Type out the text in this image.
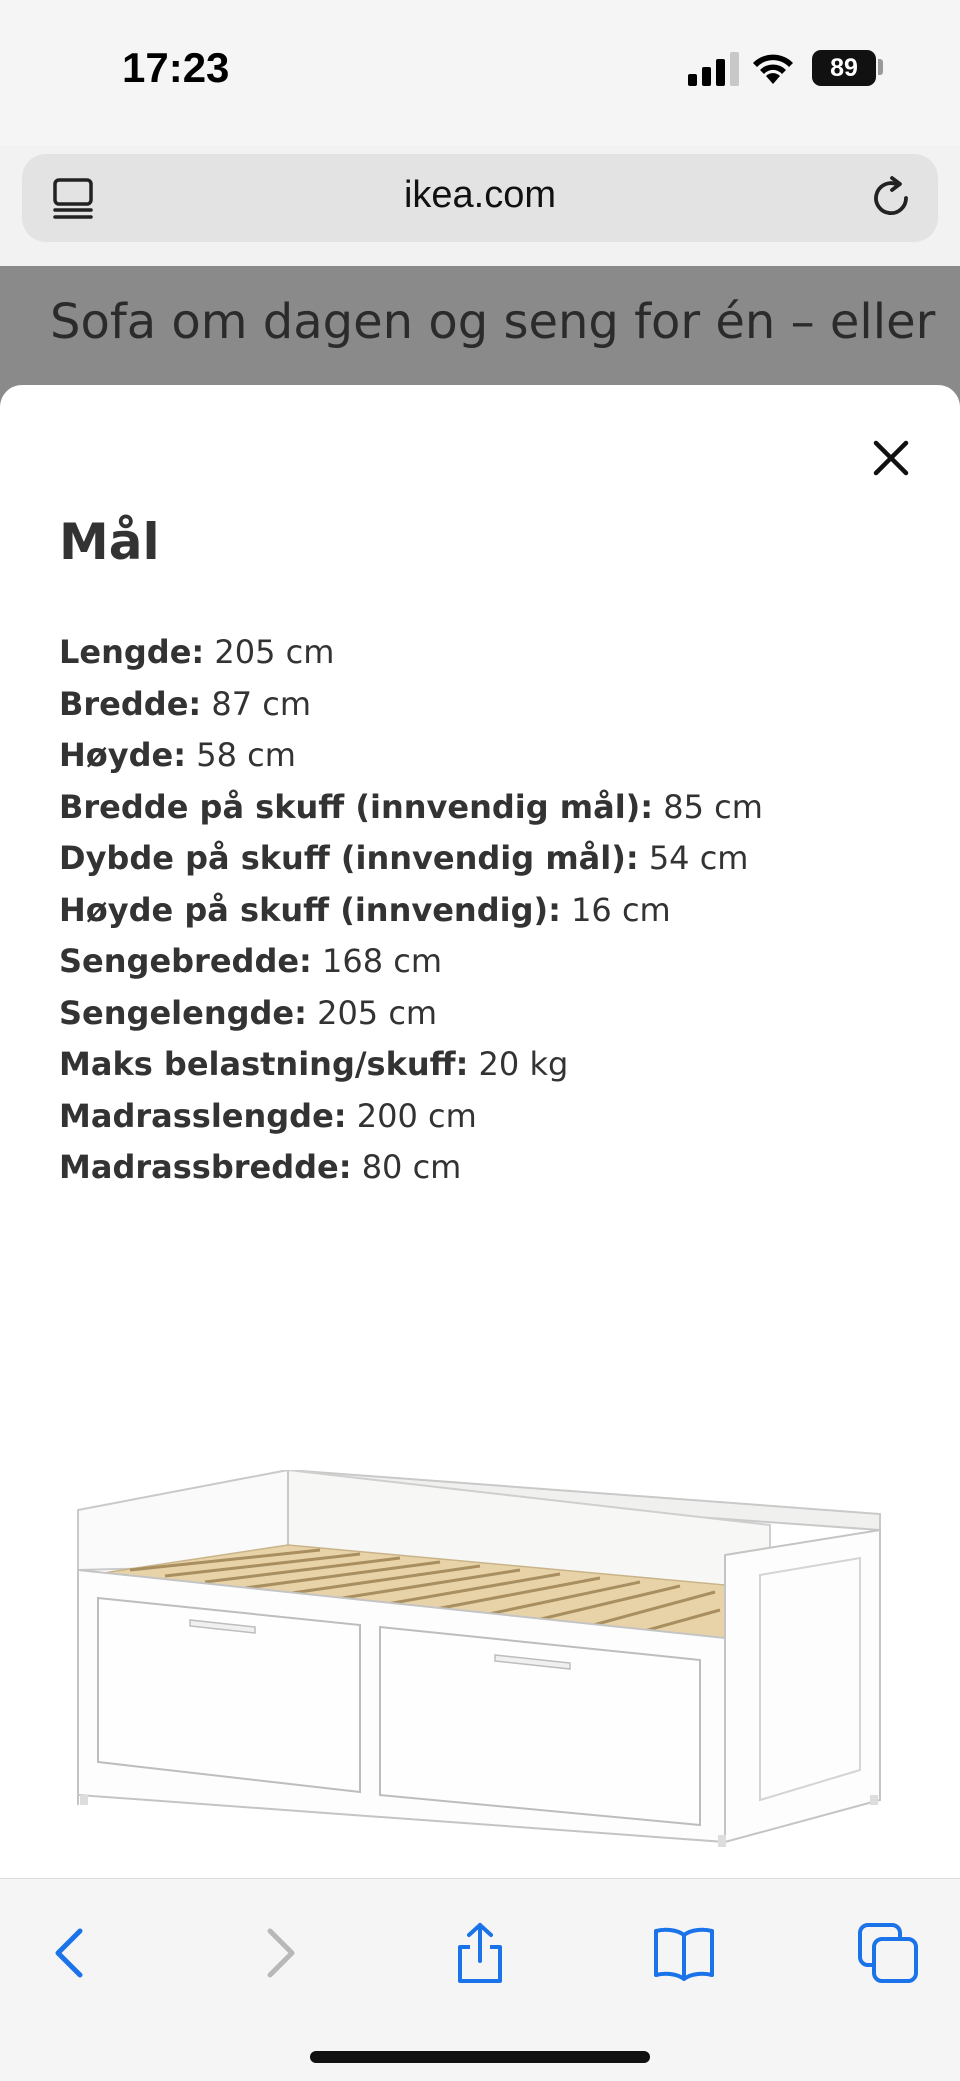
17:23	89
ikea.com
Sofa om dagen og seng for én – eller
Mål
Lengde: 205 cm
Bredde: 87 cm
Høyde: 58 cm
Bredde på skuff (innvendig mål): 85 cm
Dybde på skuff (innvendig mål): 54 cm
Høyde på skuff (innvendig): 16 cm
Sengebredde: 168 cm
Sengelengde: 205 cm
Maks belastning/skuff: 20 kg
Madrasslengde: 200 cm
Madrassbredde: 80 cm
